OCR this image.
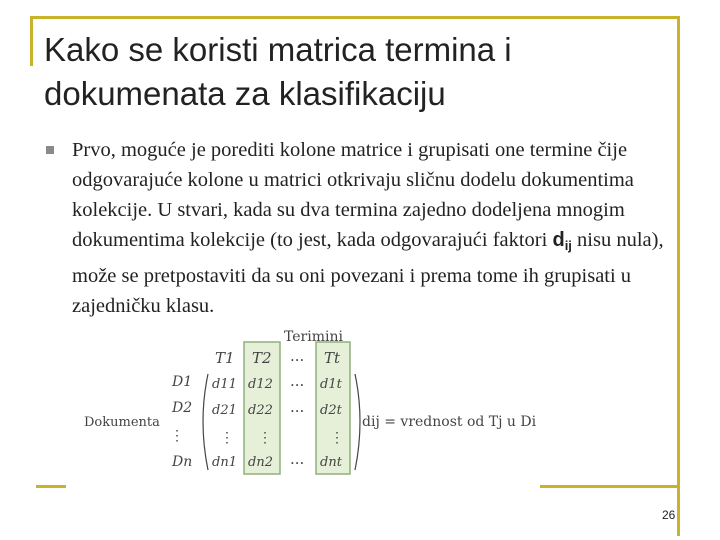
Kako se koristi matrica termina i dokumenata za klasifikaciju
Prvo, moguće je porediti kolone matrice i grupisati one termine čije odgovarajuće kolone u matrici otkrivaju sličnu dodelu dokumentima kolekcije. U stvari, kada su dva termina zajedno dodeljena mnogim dokumentima kolekcije (to jest, kada odgovarajući faktori $d_{ij}$ nisu nula), može se pretpostaviti da su oni povezani i prema tome ih grupisati u zajedničku klasu.
Terimini
T1 T2 ... Tt
D1
D2
⋮
Dn
Dokumenta
d11 d12 ... d1t
d21 d22 ... d2t
⋮ ⋮	⋮
dn1 dn2 ... dnt
dij = vrednost od Tj u Di
26
